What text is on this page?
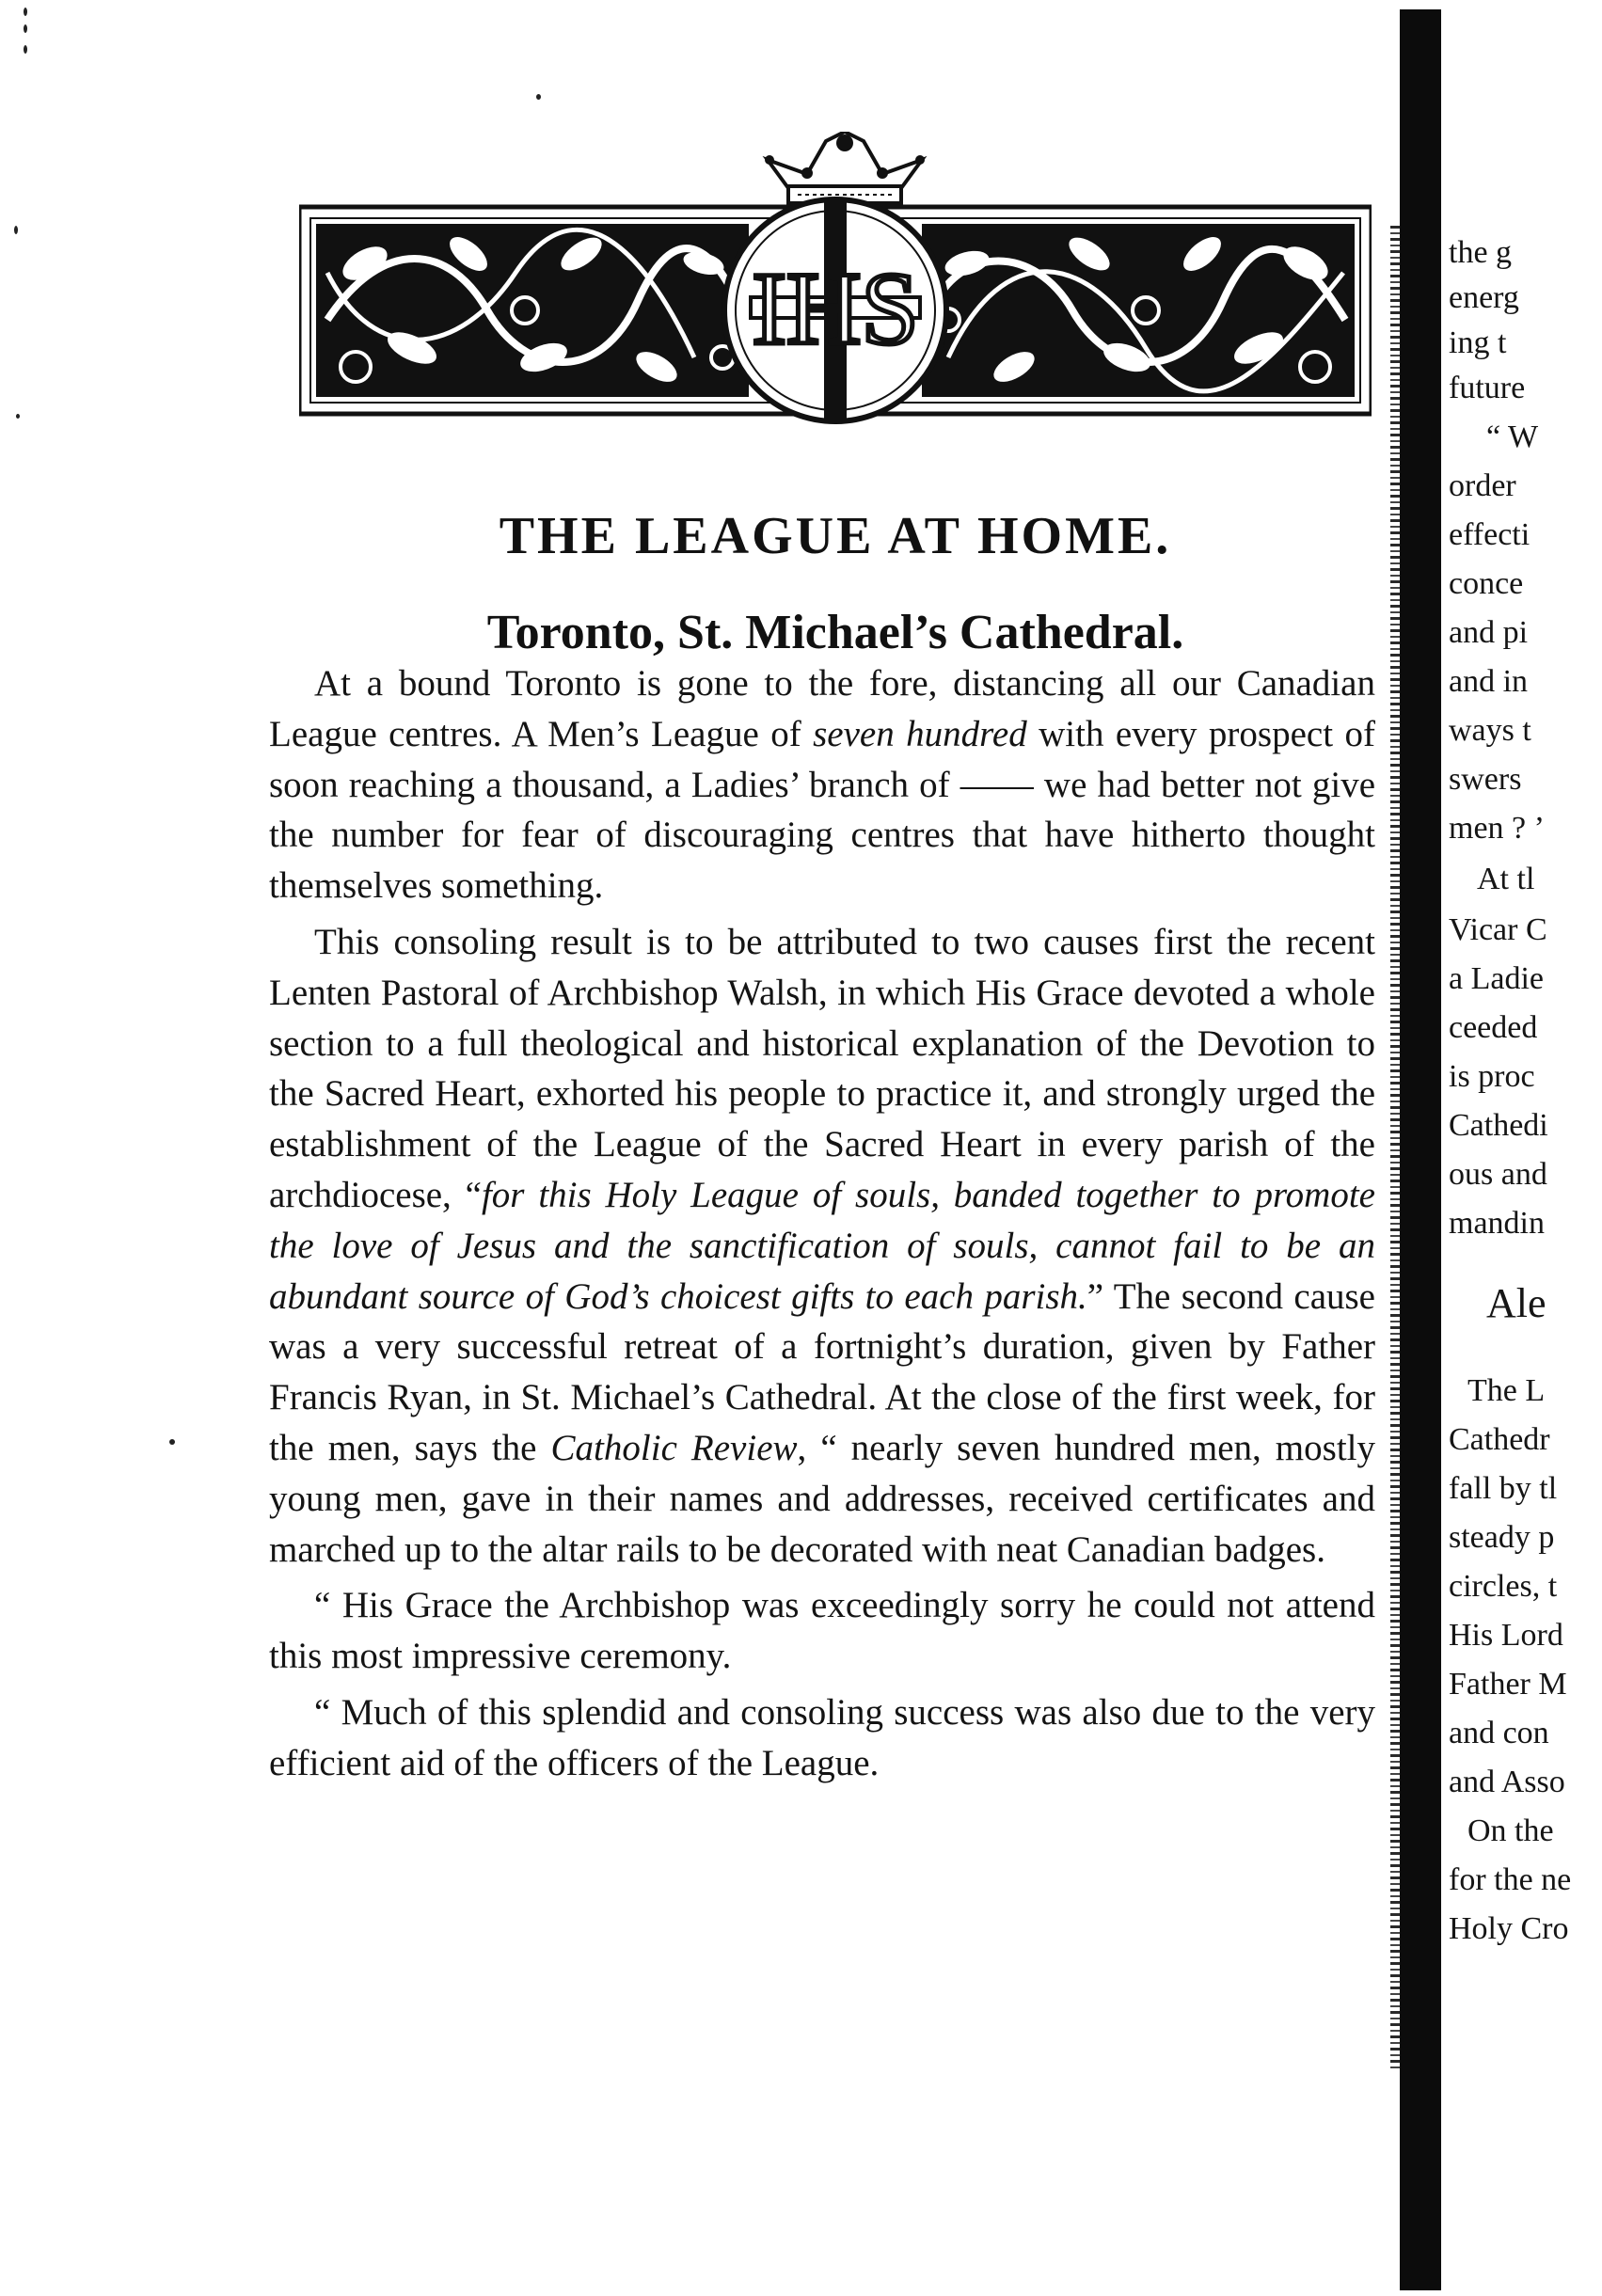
IHS
THE LEAGUE AT HOME.
Toronto, St. Michael’s Cathedral.

At a bound Toronto is gone to the fore, distancing all our Canadian League centres. A Men’s League of seven hundred with every prospect of soon reaching a thousand, a Ladies’ branch of —— we had better not give the number for fear of discouraging centres that have hitherto thought themselves something.

This consoling result is to be attributed to two causes first the recent Lenten Pastoral of Archbishop Walsh, in which His Grace devoted a whole section to a full theological and historical explanation of the Devotion to the Sacred Heart, exhorted his people to practice it, and strongly urged the establishment of the League of the Sacred Heart in every parish of the archdiocese, “for this Holy League of souls, banded together to promote the love of Jesus and the sanctification of souls, cannot fail to be an abundant source of God’s choicest gifts to each parish.” The second cause was a very successful retreat of a fortnight’s duration, given by Father Francis Ryan, in St. Michael’s Cathedral. At the close of the first week, for the men, says the Catholic Review, “ nearly seven hundred men, mostly young men, gave in their names and addresses, received certificates and marched up to the altar rails to be decorated with neat Canadian badges.

“ His Grace the Archbishop was exceedingly sorry he could not attend this most impressive ceremony.

“ Much of this splendid and consoling success was also due to the very efficient aid of the officers of the League.

the g
energ
ing t
future
“ W
order
effecti
conce
and pi
and in
ways t
swers
men ? ’
At tl
Vicar C
a Ladie
ceeded
is proc
Cathedi
ous and
mandin
Ale
The L
Cathedr
fall by tl
steady p
circles, t
His Lord
Father M
and con
and Asso
On the
for the ne
Holy Cro
